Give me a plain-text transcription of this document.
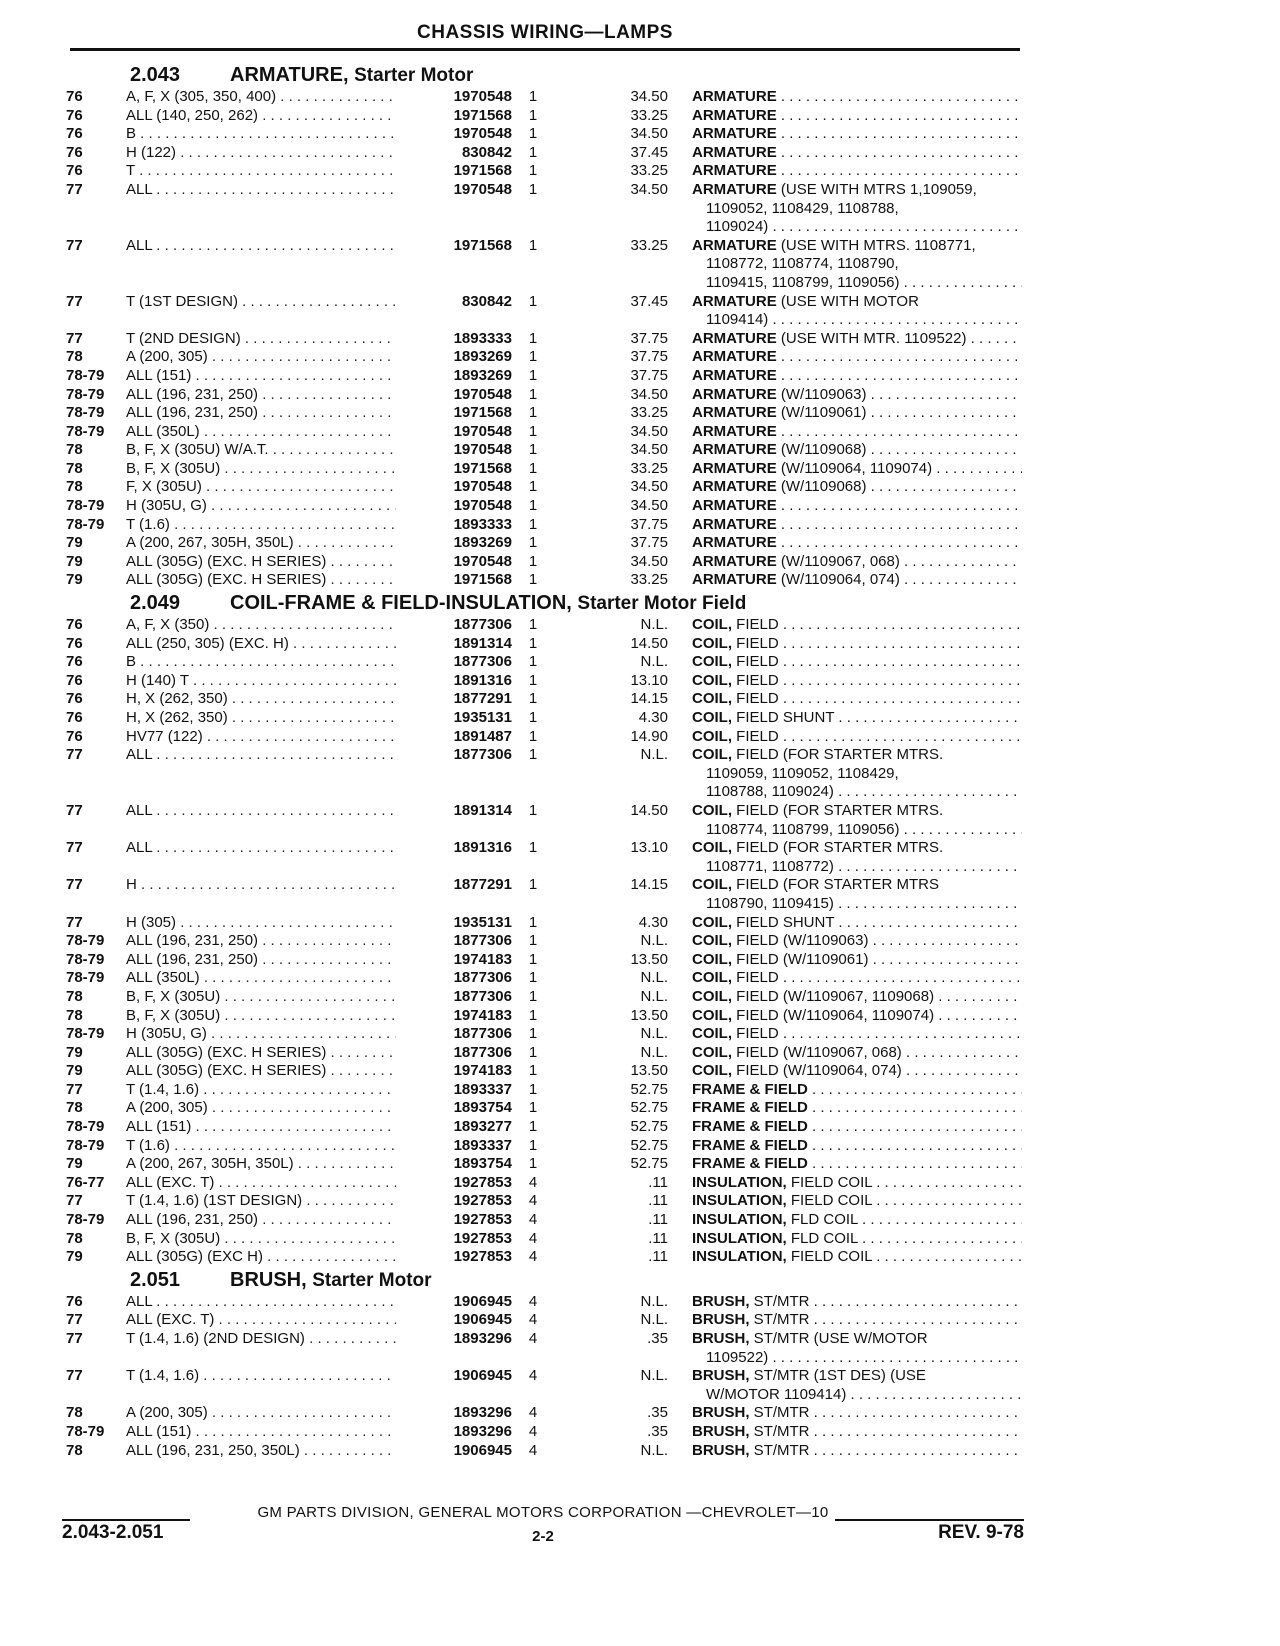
CHASSIS WIRING—LAMPS
2.043 ARMATURE, Starter Motor
76	A, F, X (305, 350, 400) . . .	1970548	1	34.50 ARMATURE . . .
76	ALL (140, 250, 262) . . .	1971568	1	33.25 ARMATURE . . .
76	B . . .	1970548	1	34.50 ARMATURE . . .
76	H (122) . . .	830842	1	37.45 ARMATURE . . .
76	T . . .	1971568	1	33.25 ARMATURE . . .
77	ALL . . .	1970548	1	34.50 ARMATURE (USE WITH MTRS 1,109059,
1109052, 1108429, 1108788,
1109024) . . .
77	ALL . . .	1971568	1	33.25 ARMATURE (USE WITH MTRS. 1108771,
1108772, 1108774, 1108790,
1109415, 1108799, 1109056) . . .
77	T (1ST DESIGN) . . .	830842	1	37.45 ARMATURE (USE WITH MOTOR
1109414) . . .
77	T (2ND DESIGN) . . .	1893333	1	37.75 ARMATURE (USE WITH MTR. 1109522) . . .
78	A (200, 305) . . .	1893269	1	37.75 ARMATURE . . .
78-79	ALL (151) . . .	1893269	1	37.75 ARMATURE . . .
78-79	ALL (196, 231, 250) . . .	1970548	1	34.50 ARMATURE (W/1109063) . . .
78-79	ALL (196, 231, 250) . . .	1971568	1	33.25 ARMATURE (W/1109061) . . .
78-79	ALL (350L) . . .	1970548	1	34.50 ARMATURE . . .
78	B, F, X (305U) W/A.T. . . .	1970548	1	34.50 ARMATURE (W/1109068) . . .
78	B, F, X (305U) . . .	1971568	1	33.25 ARMATURE (W/1109064, 1109074) . . .
78	F, X (305U) . . .	1970548	1	34.50 ARMATURE (W/1109068) . . .
78-79	H (305U, G) . . .	1970548	1	34.50 ARMATURE . . .
78-79	T (1.6) . . .	1893333	1	37.75 ARMATURE . . .
79	A (200, 267, 305H, 350L) . . .	1893269	1	37.75 ARMATURE . . .
79	ALL (305G) (EXC. H SERIES) . . .	1970548	1	34.50 ARMATURE (W/1109067, 068) . . .
79	ALL (305G) (EXC. H SERIES) . . .	1971568	1	33.25 ARMATURE (W/1109064, 074) . . .
2.049 COIL-FRAME & FIELD-INSULATION, Starter Motor Field
76	A, F, X (350) . . .	1877306	1	N.L. COIL, FIELD . . .
76	ALL (250, 305) (EXC. H) . . .	1891314	1	14.50 COIL, FIELD . . .
76	B . . .	1877306	1	N.L. COIL, FIELD . . .
76	H (140) T . . .	1891316	1	13.10 COIL, FIELD . . .
76	H, X (262, 350) . . .	1877291	1	14.15 COIL, FIELD . . .
76	H, X (262, 350) . . .	1935131	1	4.30 COIL, FIELD SHUNT . . .
76	HV77 (122) . . .	1891487	1	14.90 COIL, FIELD . . .
77	ALL . . .	1877306	1	N.L. COIL, FIELD (FOR STARTER MTRS.
1109059, 1109052, 1108429,
1108788, 1109024) . . .
77	ALL . . .	1891314	1	14.50 COIL, FIELD (FOR STARTER MTRS.
1108774, 1108799, 1109056) . . .
77	ALL . . .	1891316	1	13.10 COIL, FIELD (FOR STARTER MTRS.
1108771, 1108772) . . .
77	H . . .	1877291	1	14.15 COIL, FIELD (FOR STARTER MTRS
1108790, 1109415) . . .
77	H (305) . . .	1935131	1	4.30 COIL, FIELD SHUNT . . .
78-79	ALL (196, 231, 250) . . .	1877306	1	N.L. COIL, FIELD (W/1109063) . . .
78-79	ALL (196, 231, 250) . . .	1974183	1	13.50 COIL, FIELD (W/1109061) . . .
78-79	ALL (350L) . . .	1877306	1	N.L. COIL, FIELD . . .
78	B, F, X (305U) . . .	1877306	1	N.L. COIL, FIELD (W/1109067, 1109068) . . .
78	B, F, X (305U) . . .	1974183	1	13.50 COIL, FIELD (W/1109064, 1109074) . . .
78-79	H (305U, G) . . .	1877306	1	N.L. COIL, FIELD . . .
79	ALL (305G) (EXC. H SERIES) . . .	1877306	1	N.L. COIL, FIELD (W/1109067, 068) . . .
79	ALL (305G) (EXC. H SERIES) . . .	1974183	1	13.50 COIL, FIELD (W/1109064, 074) . . .
77	T (1.4, 1.6) . . .	1893337	1	52.75 FRAME & FIELD . . .
78	A (200, 305) . . .	1893754	1	52.75 FRAME & FIELD . . .
78-79	ALL (151) . . .	1893277	1	52.75 FRAME & FIELD . . .
78-79	T (1.6) . . .	1893337	1	52.75 FRAME & FIELD . . .
79	A (200, 267, 305H, 350L) . . .	1893754	1	52.75 FRAME & FIELD . . .
76-77	ALL (EXC. T) . . .	1927853	4	.11 INSULATION, FIELD COIL . . .
77	T (1.4, 1.6) (1ST DESIGN) . . .	1927853	4	.11 INSULATION, FIELD COIL . . .
78-79	ALL (196, 231, 250) . . .	1927853	4	.11 INSULATION, FLD COIL . . .
78	B, F, X (305U) . . .	1927853	4	.11 INSULATION, FLD COIL . . .
79	ALL (305G) (EXC H) . . .	1927853	4	.11 INSULATION, FIELD COIL . . .
2.051 BRUSH, Starter Motor
76	ALL . . .	1906945	4	N.L. BRUSH, ST/MTR . . .
77	ALL (EXC. T) . . .	1906945	4	N.L. BRUSH, ST/MTR . . .
77	T (1.4, 1.6) (2ND DESIGN) . . .	1893296	4	.35 BRUSH, ST/MTR (USE W/MOTOR
1109522) . . .
77	T (1.4, 1.6) . . .	1906945	4	N.L. BRUSH, ST/MTR (1ST DES) (USE
W/MOTOR 1109414) . . .
78	A (200, 305) . . .	1893296	4	.35 BRUSH, ST/MTR . . .
78-79	ALL (151) . . .	1893296	4	.35 BRUSH, ST/MTR . . .
78	ALL (196, 231, 250, 350L) . . .	1906945	4	N.L. BRUSH, ST/MTR . . .
GM PARTS DIVISION, GENERAL MOTORS CORPORATION —CHEVROLET—10
2.043-2.051	2-2	REV. 9-78
